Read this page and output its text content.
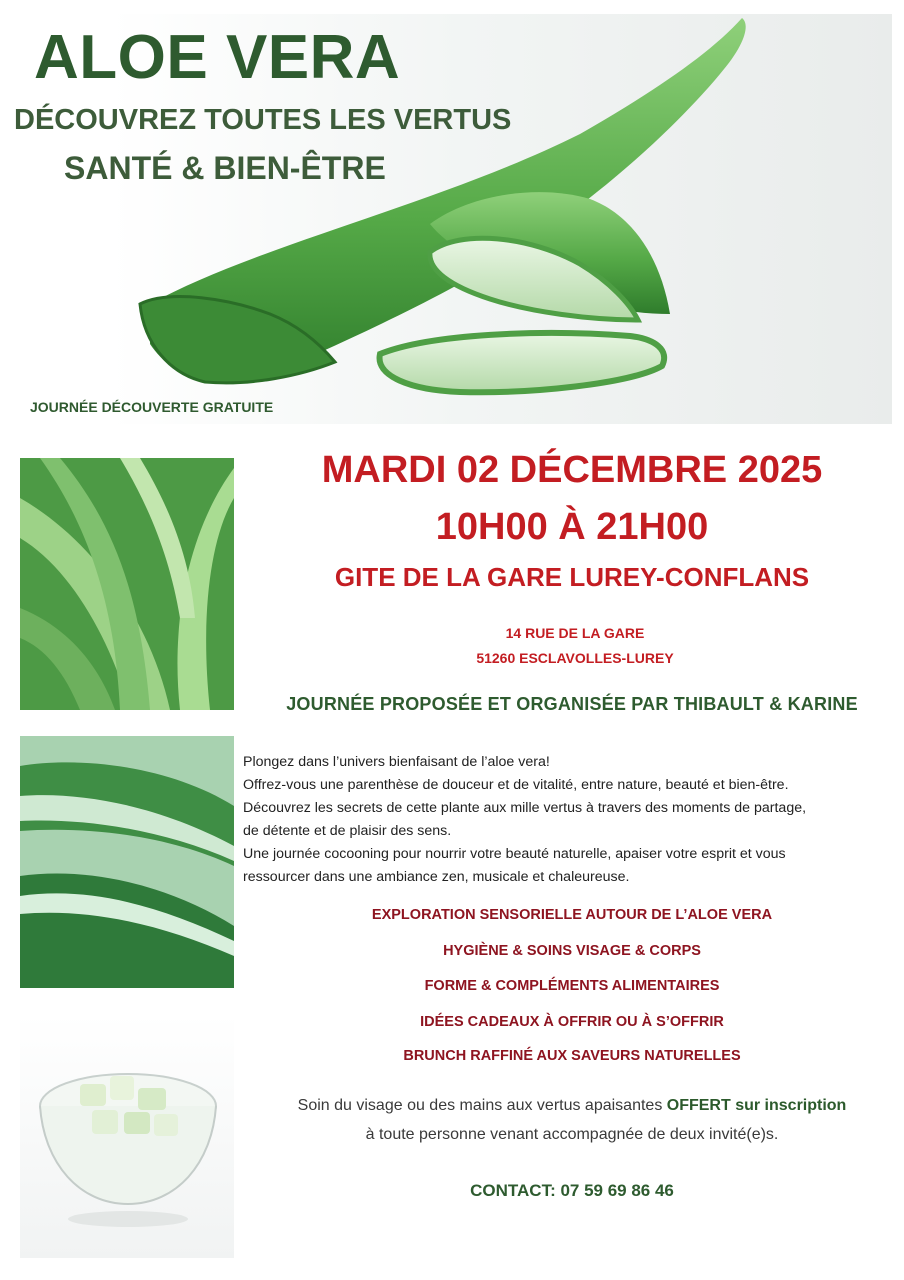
ALOE VERA
DÉCOUVREZ TOUTES LES VERTUS
SANTÉ & BIEN-ÊTRE
JOURNÉE DÉCOUVERTE GRATUITE
MARDI 02 DÉCEMBRE 2025
10H00 À 21H00
GITE DE LA GARE LUREY-CONFLANS
14 RUE DE LA GARE
51260 ESCLAVOLLES-LUREY
JOURNÉE PROPOSÉE ET ORGANISÉE PAR THIBAULT & KARINE
Plongez dans l’univers bienfaisant de l’aloe vera!
Offrez-vous une parenthèse de douceur et de vitalité, entre nature, beauté et bien-être.
Découvrez les secrets de cette plante aux mille vertus à travers des moments de partage,
de détente et de plaisir des sens.
Une journée cocooning pour nourrir votre beauté naturelle, apaiser votre esprit et vous
ressourcer dans une ambiance zen, musicale et chaleureuse.
EXPLORATION SENSORIELLE AUTOUR DE L’ALOE VERA
HYGIÈNE & SOINS VISAGE & CORPS
FORME & COMPLÉMENTS ALIMENTAIRES
IDÉES CADEAUX À OFFRIR OU À S’OFFRIR
BRUNCH RAFFINÉ AUX SAVEURS NATURELLES
Soin du visage ou des mains aux vertus apaisantes OFFERT sur inscription
à toute personne venant accompagnée de deux invité(e)s.
CONTACT: 07 59 69 86 46
